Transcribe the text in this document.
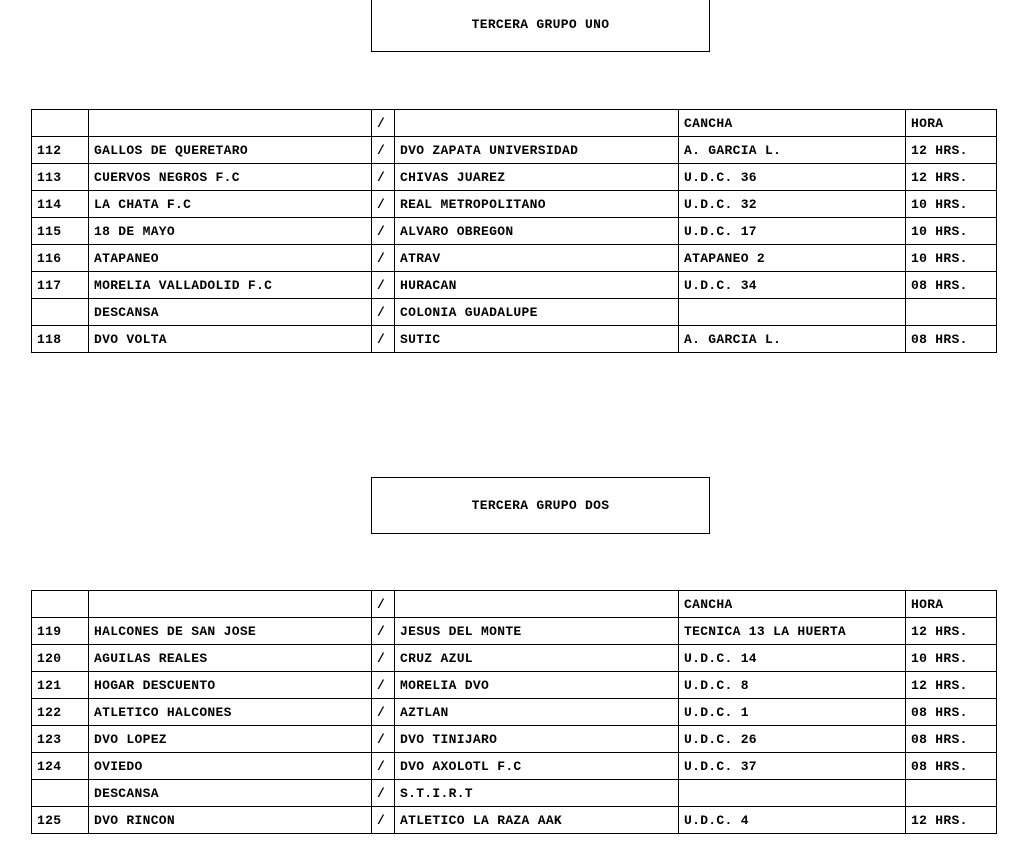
TERCERA GRUPO UNO
		/		CANCHA	HORA
112	GALLOS DE QUERETARO	/	DVO ZAPATA UNIVERSIDAD	A. GARCIA L.	12 HRS.
113	CUERVOS NEGROS F.C	/	CHIVAS JUAREZ	U.D.C. 36	12 HRS.
114	LA CHATA F.C	/	REAL METROPOLITANO	U.D.C. 32	10 HRS.
115	18 DE MAYO	/	ALVARO OBREGON	U.D.C. 17	10 HRS.
116	ATAPANEO	/	ATRAV	ATAPANEO 2	10 HRS.
117	MORELIA VALLADOLID F.C	/	HURACAN	U.D.C. 34	08 HRS.
	DESCANSA	/	COLONIA GUADALUPE		
118	DVO VOLTA	/	SUTIC	A. GARCIA L.	08 HRS.
TERCERA GRUPO DOS
		/		CANCHA	HORA
119	HALCONES DE SAN JOSE	/	JESUS DEL MONTE	TECNICA 13 LA HUERTA	12 HRS.
120	AGUILAS REALES	/	CRUZ AZUL	U.D.C. 14	10 HRS.
121	HOGAR DESCUENTO	/	MORELIA DVO	U.D.C. 8	12 HRS.
122	ATLETICO HALCONES	/	AZTLAN	U.D.C. 1	08 HRS.
123	DVO LOPEZ	/	DVO TINIJARO	U.D.C. 26	08 HRS.
124	OVIEDO	/	DVO AXOLOTL F.C	U.D.C. 37	08 HRS.
	DESCANSA	/	S.T.I.R.T		
125	DVO RINCON	/	ATLETICO LA RAZA AAK	U.D.C. 4	12 HRS.
